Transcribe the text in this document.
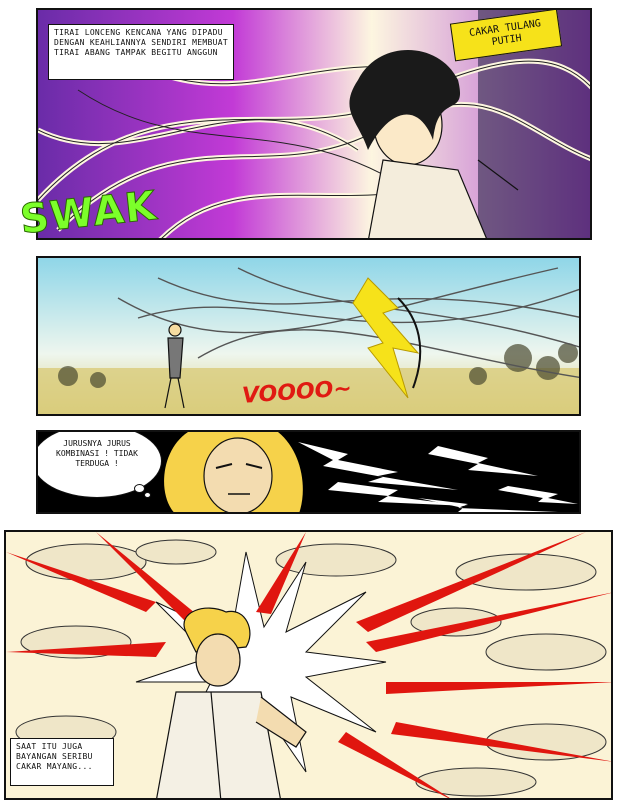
TIRAI LONCENG KENCANA YANG DIPADU DENGAN KEAHLIANNYA SENDIRI MEMBUAT TIRAI ABANG TAMPAK BEGITU ANGGUN
CAKAR TULANG PUTIH
SWAK
VOOOO~
JURUSNYA JURUS KOMBINASI ! TIDAK TERDUGA !
SAAT ITU JUGA BAYANGAN SERIBU CAKAR MAYANG...
